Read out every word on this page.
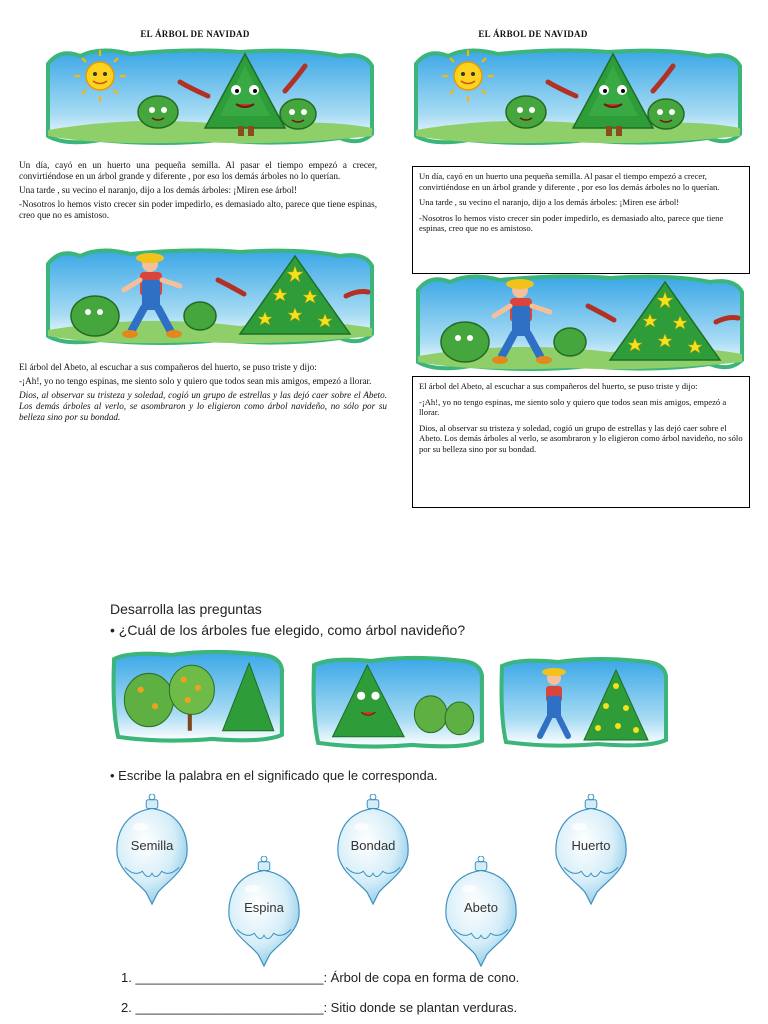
EL ÁRBOL DE NAVIDAD

Un día, cayó en un huerto una pequeña semilla. Al pasar el tiempo empezó a crecer, convirtiéndose en un árbol grande y diferente , por eso los demás árboles no lo querían.

Una tarde , su vecino el naranjo, dijo a los demás árboles: ¡Miren ese árbol!

-Nosotros lo hemos visto crecer sin poder impedirlo, es demasiado alto, parece que tiene espinas, creo que no es amistoso.

El árbol del Abeto, al escuchar a sus compañeros del huerto, se puso triste y dijo:

-¡Ah!, yo no tengo espinas, me siento solo y quiero que todos sean mis amigos, empezó a llorar.

Dios, al observar su tristeza y soledad, cogió un grupo de estrellas y las dejó caer sobre el Abeto. Los demás árboles al verlo, se asombraron y lo eligieron como árbol navideño, no sólo por su belleza sino por su bondad.

EL ÁRBOL DE NAVIDAD

Un día, cayó en un huerto una pequeña semilla. Al pasar el tiempo empezó a crecer, convirtiéndose en un árbol grande y diferente , por eso los demás árboles no lo querían.

Una tarde , su vecino el naranjo, dijo a los demás árboles: ¡Miren ese árbol!

-Nosotros lo hemos visto crecer sin poder impedirlo, es demasiado alto, parece que tiene espinas, creo que no es amistoso.

El árbol del Abeto, al escuchar a sus compañeros del huerto, se puso triste y dijo:

-¡Ah!, yo no tengo espinas, me siento solo y quiero que todos sean mis amigos, empezó a llorar.

Dios, al observar su tristeza y soledad, cogió un grupo de estrellas y las dejó caer sobre el Abeto. Los demás árboles al verlo, se asombraron y lo eligieron como árbol navideño, no sólo por su belleza sino por su bondad.

Desarrolla las preguntas
• ¿Cuál de los árboles fue elegido, como árbol navideño?
• Escribe la palabra en el significado que le corresponda.
Semilla	Bondad	Huerto
Espina	Abeto
1. __________________________: Árbol de copa en forma de cono.
2. __________________________: Sitio donde se plantan verduras.
